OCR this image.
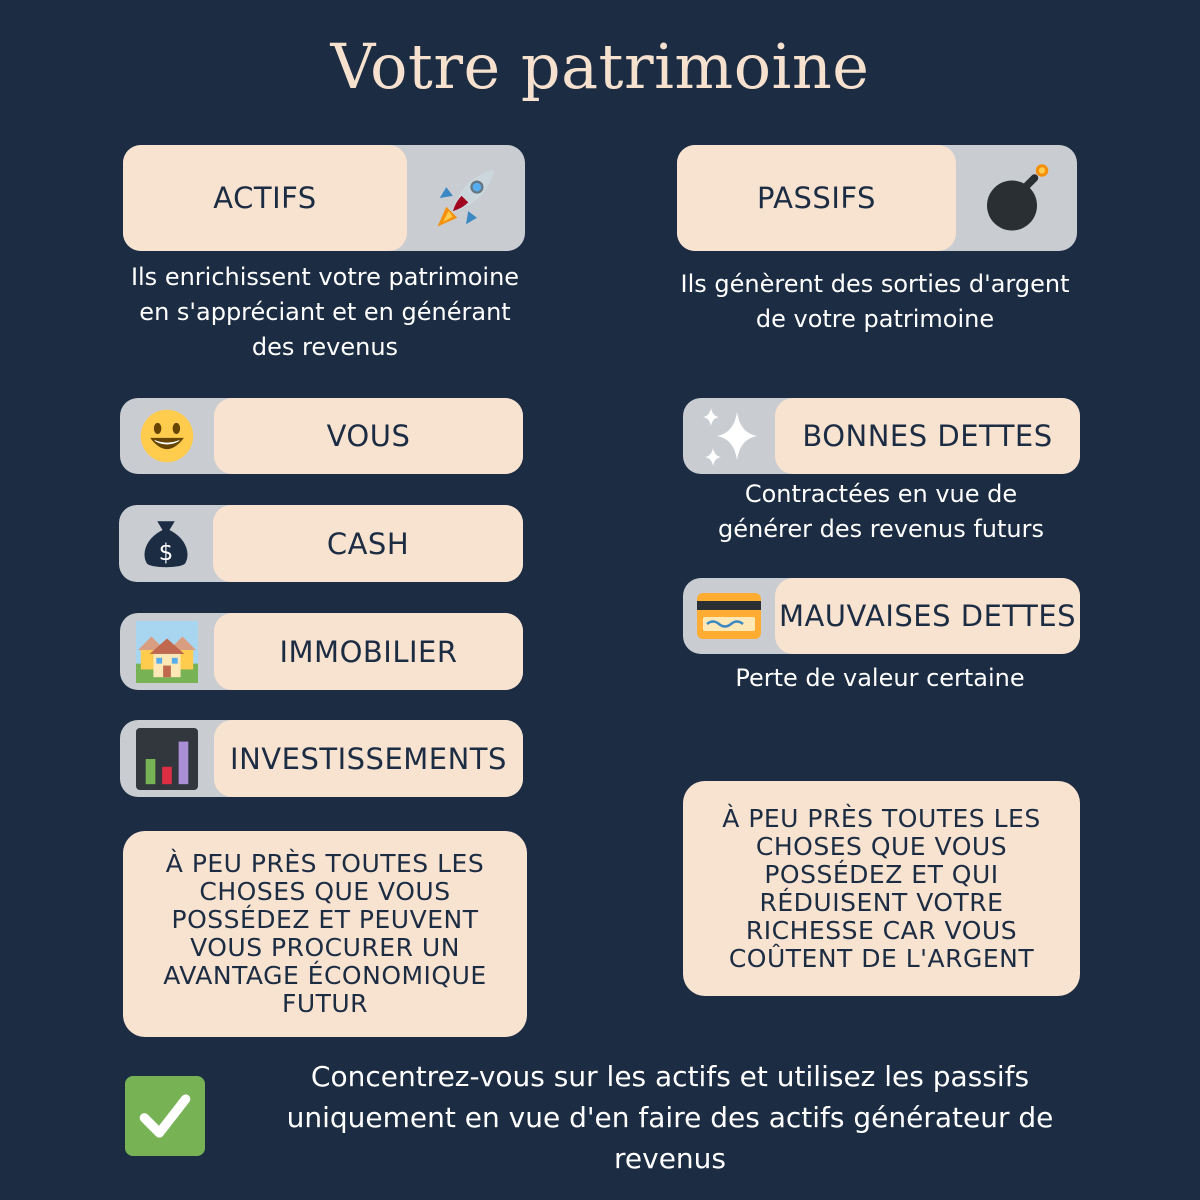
Votre patrimoine
ACTIFS
Ils enrichissent votre patrimoine en s'appréciant et en générant des revenus
PASSIFS
Ils génèrent des sorties d'argent de votre patrimoine
VOUS
$	CASH
IMMOBILIER
INVESTISSEMENTS
BONNES DETTES
Contractées en vue de générer des revenus futurs
MAUVAISES DETTES
Perte de valeur certaine
À PEU PRÈS TOUTES LES CHOSES QUE VOUS POSSÉDEZ ET PEUVENT VOUS PROCURER UN AVANTAGE ÉCONOMIQUE FUTUR
À PEU PRÈS TOUTES LES CHOSES QUE VOUS POSSÉDEZ ET QUI RÉDUISENT VOTRE RICHESSE CAR VOUS COÛTENT DE L'ARGENT
Concentrez-vous sur les actifs et utilisez les passifs uniquement en vue d'en faire des actifs générateur de revenus
